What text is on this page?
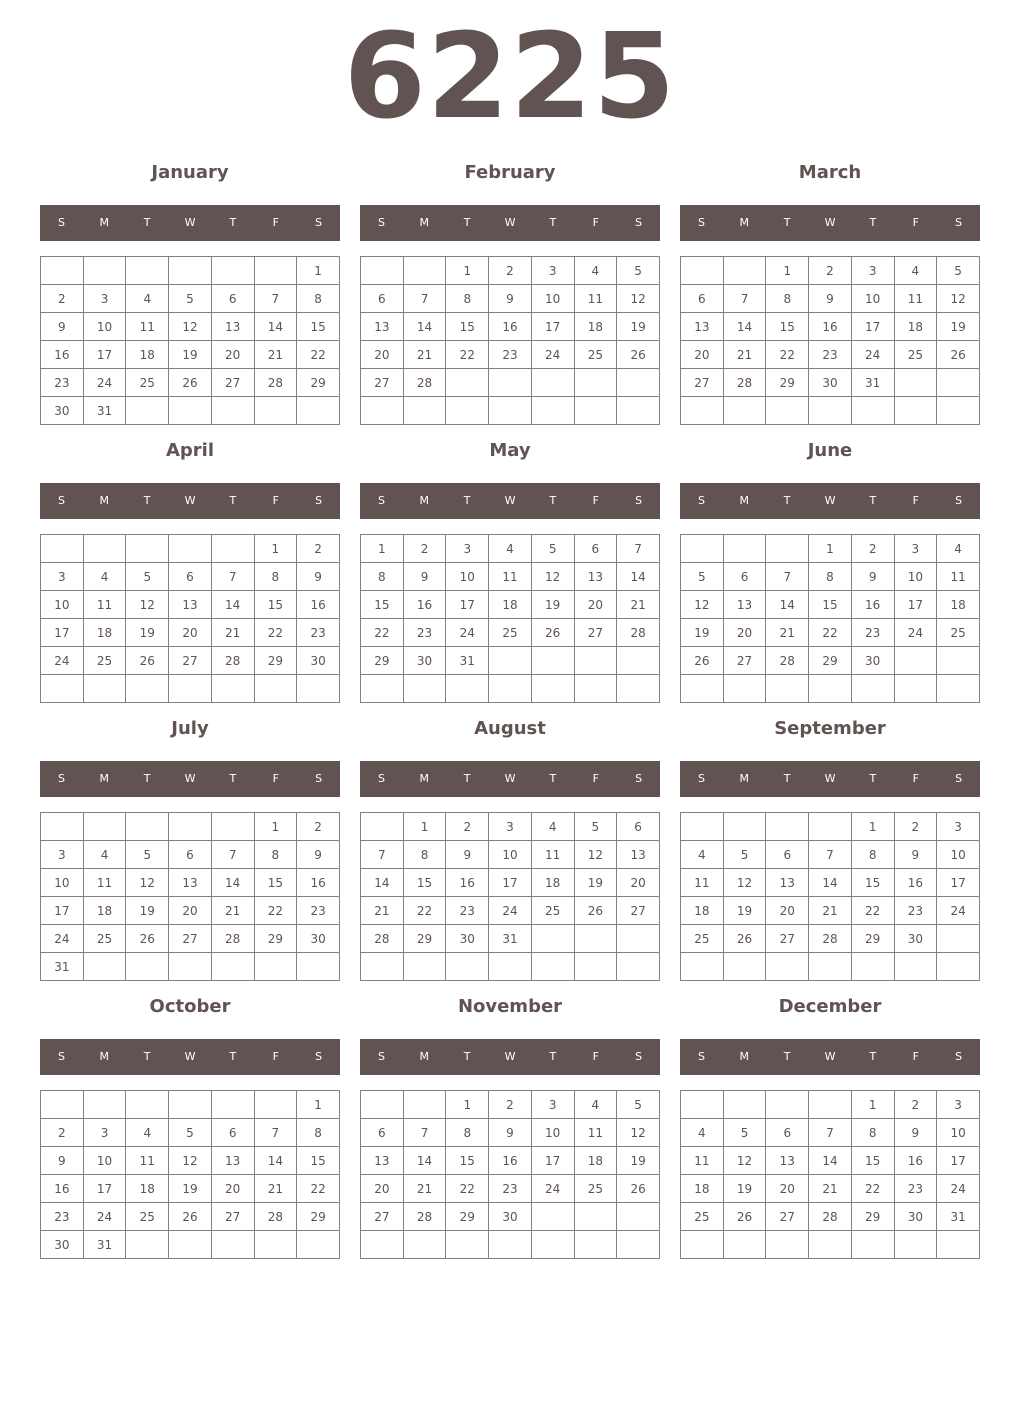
6225
January
S	M	T	W	T	F	S
						1
2	3	4	5	6	7	8
9	10	11	12	13	14	15
16	17	18	19	20	21	22
23	24	25	26	27	28	29
30	31					
February
S	M	T	W	T	F	S
		1	2	3	4	5
6	7	8	9	10	11	12
13	14	15	16	17	18	19
20	21	22	23	24	25	26
27	28					

March
S	M	T	W	T	F	S
		1	2	3	4	5
6	7	8	9	10	11	12
13	14	15	16	17	18	19
20	21	22	23	24	25	26
27	28	29	30	31		

April
S	M	T	W	T	F	S
					1	2
3	4	5	6	7	8	9
10	11	12	13	14	15	16
17	18	19	20	21	22	23
24	25	26	27	28	29	30

May
S	M	T	W	T	F	S
1	2	3	4	5	6	7
8	9	10	11	12	13	14
15	16	17	18	19	20	21
22	23	24	25	26	27	28
29	30	31				

June
S	M	T	W	T	F	S
			1	2	3	4
5	6	7	8	9	10	11
12	13	14	15	16	17	18
19	20	21	22	23	24	25
26	27	28	29	30		

July
S	M	T	W	T	F	S
					1	2
3	4	5	6	7	8	9
10	11	12	13	14	15	16
17	18	19	20	21	22	23
24	25	26	27	28	29	30
31						
August
S	M	T	W	T	F	S
	1	2	3	4	5	6
7	8	9	10	11	12	13
14	15	16	17	18	19	20
21	22	23	24	25	26	27
28	29	30	31			

September
S	M	T	W	T	F	S
				1	2	3
4	5	6	7	8	9	10
11	12	13	14	15	16	17
18	19	20	21	22	23	24
25	26	27	28	29	30	

October
S	M	T	W	T	F	S
						1
2	3	4	5	6	7	8
9	10	11	12	13	14	15
16	17	18	19	20	21	22
23	24	25	26	27	28	29
30	31					
November
S	M	T	W	T	F	S
		1	2	3	4	5
6	7	8	9	10	11	12
13	14	15	16	17	18	19
20	21	22	23	24	25	26
27	28	29	30			

December
S	M	T	W	T	F	S
				1	2	3
4	5	6	7	8	9	10
11	12	13	14	15	16	17
18	19	20	21	22	23	24
25	26	27	28	29	30	31
